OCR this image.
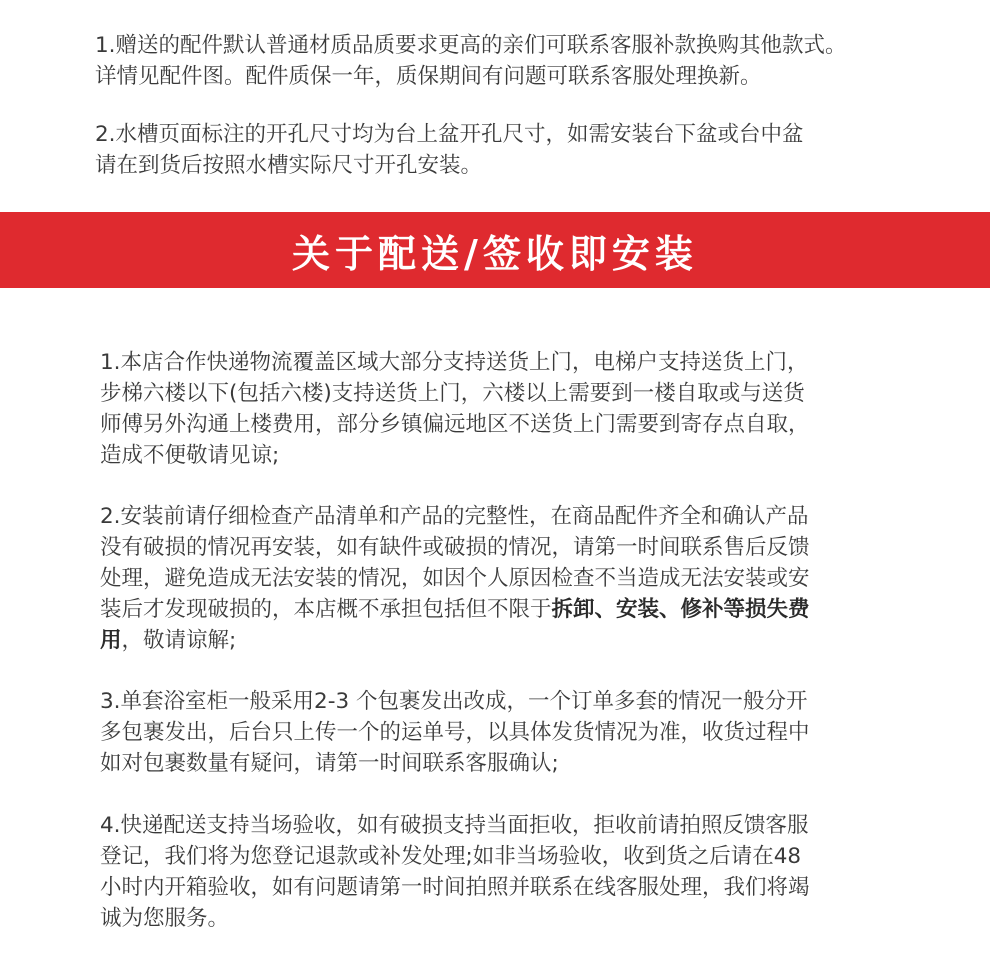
1.赠送的配件默认普通材质品质要求更高的亲们可联系客服补款换购其他款式。
详情见配件图。配件质保一年，质保期间有问题可联系客服处理换新。
2.水槽页面标注的开孔尺寸均为台上盆开孔尺寸，如需安装台下盆或台中盆
请在到货后按照水槽实际尺寸开孔安装。
关于配送/签收即安装
1.本店合作快递物流覆盖区域大部分支持送货上门，电梯户支持送货上门，
步梯六楼以下(包括六楼)支持送货上门，六楼以上需要到一楼自取或与送货
师傅另外沟通上楼费用，部分乡镇偏远地区不送货上门需要到寄存点自取，
造成不便敬请见谅;
2.安装前请仔细检查产品清单和产品的完整性，在商品配件齐全和确认产品
没有破损的情况再安装，如有缺件或破损的情况，请第一时间联系售后反馈
处理，避免造成无法安装的情况，如因个人原因检查不当造成无法安装或安
装后才发现破损的，本店概不承担包括但不限于拆卸、安装、修补等损失费
用，敬请谅解;
3.单套浴室柜一般采用2-3 个包裹发出改成，一个订单多套的情况一般分开
多包裹发出，后台只上传一个的运单号，以具体发货情况为准，收货过程中
如对包裹数量有疑问，请第一时间联系客服确认;
4.快递配送支持当场验收，如有破损支持当面拒收，拒收前请拍照反馈客服
登记，我们将为您登记退款或补发处理;如非当场验收，收到货之后请在48
小时内开箱验收，如有问题请第一时间拍照并联系在线客服处理，我们将竭
诚为您服务。
